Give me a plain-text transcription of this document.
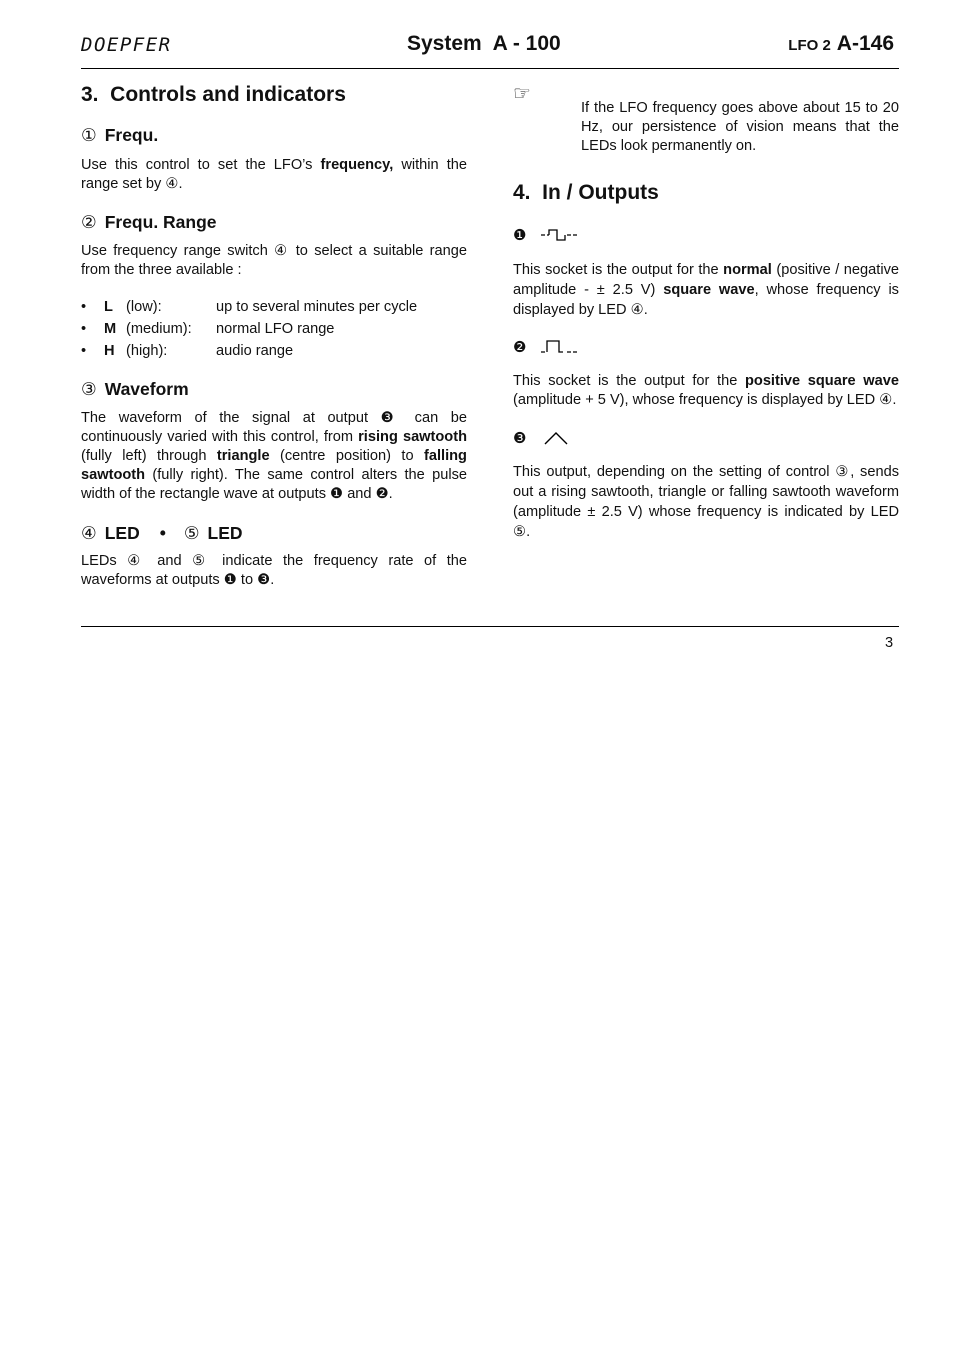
DOEPFER	System  A - 100	LFO 2 A-146
3.  Controls and indicators
① Frequ.

Use this control to set the LFO’s frequency, within the range set by ④.

② Frequ. Range

Use frequency range switch ④ to select a suitable range from the three available :

• L (low):	up to several minutes per cycle
• M (medium): normal LFO range
• H (high):	audio range
③ Waveform

The waveform of the signal at output ❸ can be continuously varied with this control, from rising sawtooth (fully left) through triangle (centre position) to falling sawtooth (fully right). The same control alters the pulse width of the rectangle wave at outputs ❶ and ❷.

④ LED • ⑤ LED

LEDs ④ and ⑤ indicate the frequency rate of the waveforms at outputs ❶ to ❸.

☞

If the LFO frequency goes above about 15 to 20 Hz, our persistence of vision means that the LEDs look permanently on.

4.  In / Outputs
❶

This socket is the output for the normal (positive / negative amplitude - ± 2.5 V) square wave, whose frequency is displayed by LED ④.

❷

This socket is the output for the positive square wave (amplitude + 5 V), whose frequency is displayed by LED ④.

❸

This output, depending on the setting of control ③, sends out a rising sawtooth, triangle or falling sawtooth waveform (amplitude ± 2.5 V) whose frequency is indicated by LED ⑤.

3
